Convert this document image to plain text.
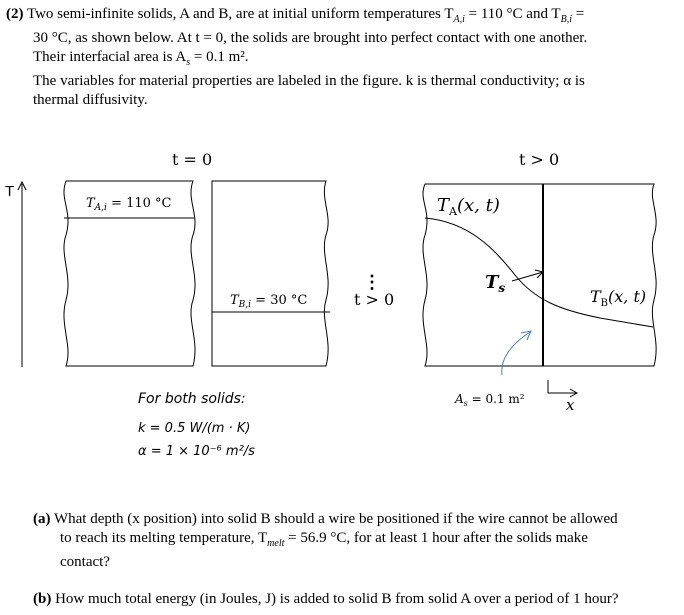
(2) Two semi-infinite solids, A and B, are at initial uniform temperatures $T_{A,i} = 110$ °C and $T_{B,i}$ =
30 °C, as shown below. At t = 0, the solids are brought into perfect contact with one another.
Their interfacial area is $A_s = 0.1$ m².
The variables for material properties are labeled in the figure. k is thermal conductivity; α is
thermal diffusivity.
t = 0	t > 0
T
$T_{A,i} = 110$ °C
$T_{B,i} = 30$ °C
⋮
t > 0
$T_A(x$, t)
$T_s$	$T_B(x$, t)
$A_s = 0.1$ m²	x
For both solids:
k = 0.5 W/(m · K)
α = 1 × 10⁻⁶ m²/s
(a) What depth (x position) into solid B should a wire be positioned if the wire cannot be allowed
to reach its melting temperature, $T_{melt} = 56.9$ °C, for at least 1 hour after the solids make
contact?
(b) How much total energy (in Joules, J) is added to solid B from solid A over a period of 1 hour?
